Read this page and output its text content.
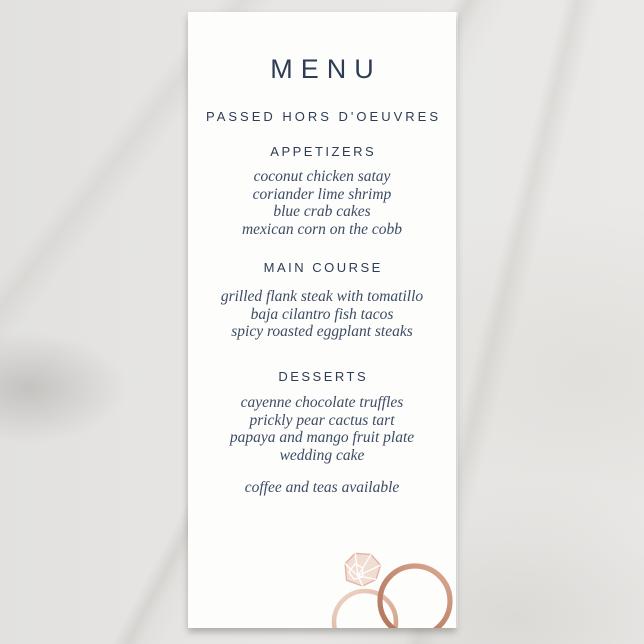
MENU
PASSED HORS D'OEUVRES
APPETIZERS
coconut chicken satay
coriander lime shrimp
blue crab cakes
mexican corn on the cobb
MAIN COURSE
grilled flank steak with tomatillo
baja cilantro fish tacos
spicy roasted eggplant steaks
DESSERTS
cayenne chocolate truffles
prickly pear cactus tart
papaya and mango fruit plate
wedding cake
coffee and teas available
